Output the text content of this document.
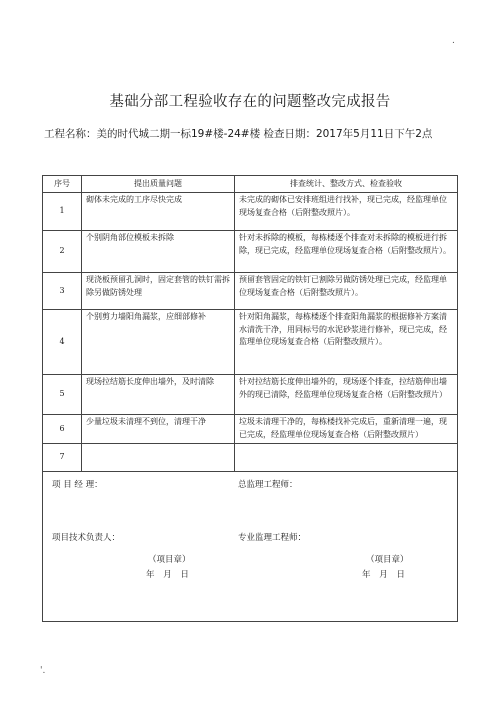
.
基础分部工程验收存在的问题整改完成报告
工程名称：美的时代城二期一标19#楼-24#楼 检查日期：2017年5月11日下午2点
序号	提出质量问题	排查统计、整改方式、检查验收
1	砌体未完成的工序尽快完成	未完成的砌体已安排班组进行找补，现已完成，经监理单位现场复查合格（后附整改照片）。
2	个别阴角部位模板未拆除	针对未拆除的模板，每栋楼逐个排查对未拆除的模板进行拆除，现已完成，经监理单位现场复查合格（后附整改照片）。
3	现浇板预留孔洞时，固定套管的铁钉需拆除另做防锈处理	预留套管固定的铁钉已割除另做防锈处理已完成，经监理单位现场复查合格（后附整改照片）。
4	个别剪力墙阳角漏浆，应细部修补	针对阳角漏浆，每栋楼逐个排查阳角漏浆的根据修补方案清水清洗干净，用同标号的水泥砂浆进行修补，现已完成，经监理单位现场复查合格（后附整改照片）。
5	现场拉结筋长度伸出墙外，及时清除	针对拉结筋长度伸出墙外的，现场逐个排查，拉结筋伸出墙外的现已清除，经监理单位现场复查合格（后附整改照片）
6	少量垃圾未清理不到位，清理干净	垃圾未清理干净的，每栋楼找补完成后，重新清理一遍，现已完成，经监理单位现场复查合格（后附整改照片）
7		

项 目 经 理：	总监理工程师：
项目技术负责人：	专业监理工程师：
（项目章）	（项目章）
年 月 日	年 月 日
'.
